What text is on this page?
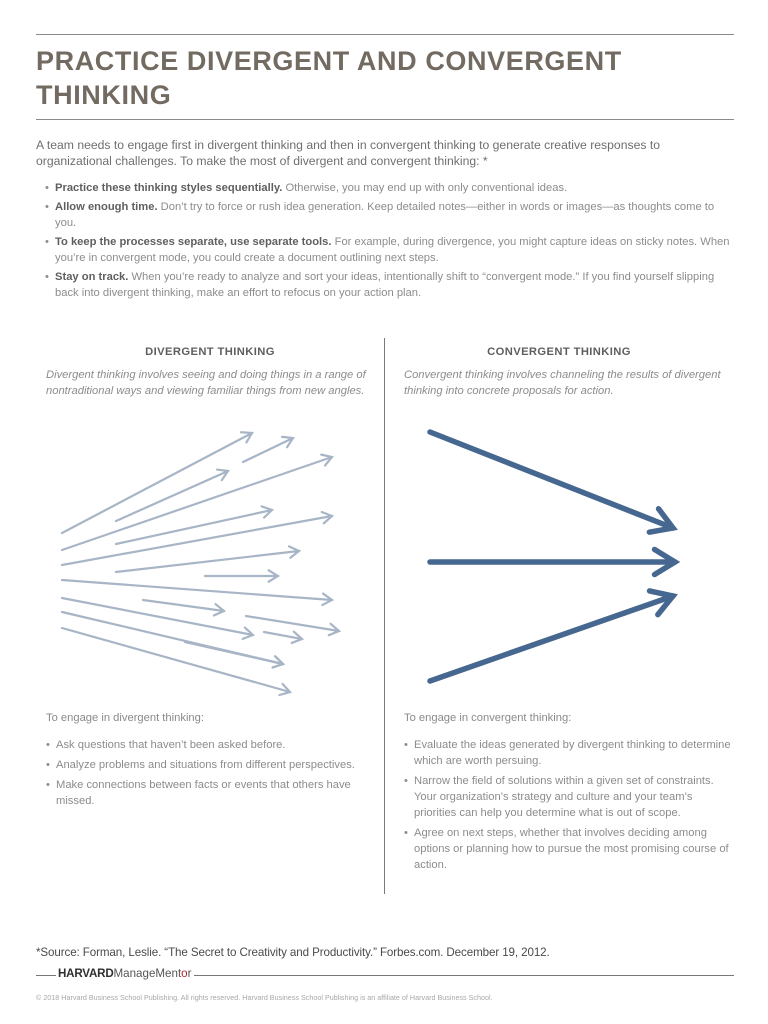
PRACTICE DIVERGENT AND CONVERGENT THINKING

A team needs to engage first in divergent thinking and then in convergent thinking to generate creative responses to organizational challenges. To make the most of divergent and convergent thinking: *

• Practice these thinking styles sequentially. Otherwise, you may end up with only conventional ideas.
• Allow enough time. Don’t try to force or rush idea generation. Keep detailed notes—either in words or images—as thoughts come to you.
• To keep the processes separate, use separate tools. For example, during divergence, you might capture ideas on sticky notes. When you’re in convergent mode, you could create a document outlining next steps.
• Stay on track. When you’re ready to analyze and sort your ideas, intentionally shift to “convergent mode.” If you find yourself slipping back into divergent thinking, make an effort to refocus on your action plan.
DIVERGENT THINKING

Divergent thinking involves seeing and doing things in a range of nontraditional ways and viewing familiar things from new angles.

CONVERGENT THINKING

Convergent thinking involves channeling the results of divergent thinking into concrete proposals for action.

To engage in divergent thinking:

• Ask questions that haven’t been asked before.
• Analyze problems and situations from different perspectives.
• Make connections between facts or events that others have missed.

To engage in convergent thinking:

• Evaluate the ideas generated by divergent thinking to determine which are worth persuing.
• Narrow the field of solutions within a given set of constraints. Your organization’s strategy and culture and your team’s priorities can help you determine what is out of scope.
• Agree on next steps, whether that involves deciding among options or planning how to pursue the most promising course of action.

*Source: Forman, Leslie. “The Secret to Creativity and Productivity.” Forbes.com. December 19, 2012.

HARVARDManageMentor

© 2018 Harvard Business School Publishing. All rights reserved. Harvard Business School Publishing is an affiliate of Harvard Business School.
